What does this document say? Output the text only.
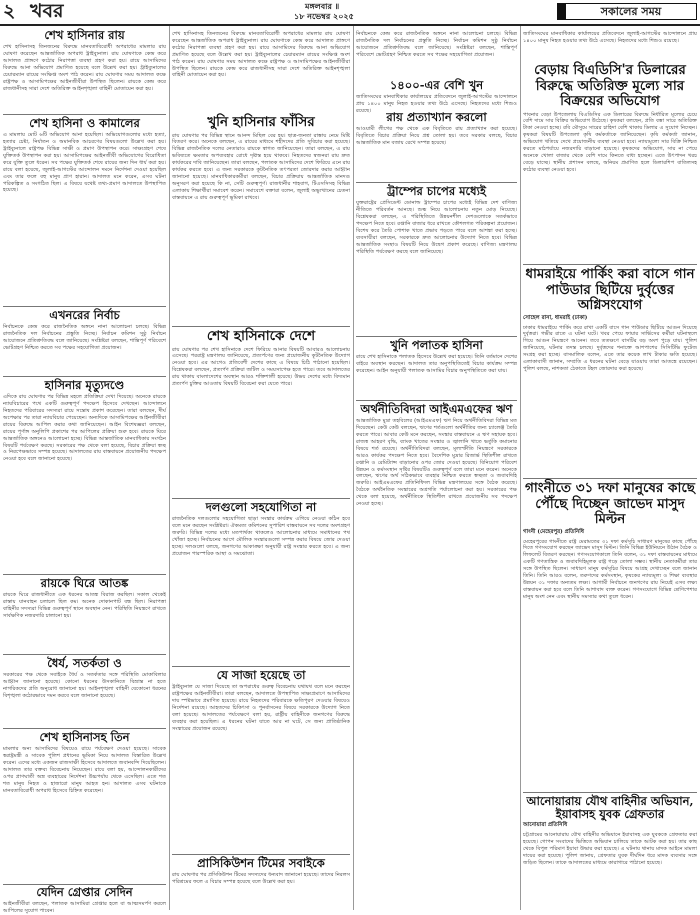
২ খবর	মঙ্গলবার ॥
১৮ নভেম্বর ২০২৫	সকালের সময়
শেখ হাসিনার রায়
শেখ হাসিনাসহ তিনজনের বিরুদ্ধে মানবতাবিরোধী অপরাধের মামলার রায় ঘোষণা করেছেন আন্তর্জাতিক অপরাধ ট্রাইব্যুনাল। রায় ঘোষণাকে কেন্দ্র করে আদালত প্রাঙ্গণে কঠোর নিরাপত্তা ব্যবস্থা গ্রহণ করা হয়। রায়ে আসামিদের বিরুদ্ধে আনা অভিযোগ প্রমাণিত হয়েছে বলে উল্লেখ করা হয়। ট্রাইব্যুনালের চেয়ারম্যান রায়ের সংক্ষিপ্ত অংশ পাঠ করেন। রায় ঘোষণার সময় আদালত কক্ষে রাষ্ট্রপক্ষ ও আসামিপক্ষের আইনজীবীরা উপস্থিত ছিলেন। রায়কে কেন্দ্র করে রাজধানীসহ সারা দেশে অতিরিক্ত আইনশৃঙ্খলা বাহিনী মোতায়েন করা হয়।
শেখ হাসিনা ও কামালের
এ মামলায় মোট ৬টি অভিযোগ আনা হয়েছিল। অভিযোগগুলোর মধ্যে হত্যা, হত্যার চেষ্টা, নির্যাতন ও অমানবিক আচরণের বিষয়গুলো উল্লেখ করা হয়। ট্রাইব্যুনালে রাষ্ট্রপক্ষ বিভিন্ন সাক্ষী ও প্রমাণ উপস্থাপন করে। সাক্ষ্যগ্রহণ শেষে যুক্তিতর্ক উপস্থাপন করা হয়। আসামিপক্ষের আইনজীবী অভিযোগের বিরোধিতা করে যুক্তি তুলে ধরেন। সব পক্ষের যুক্তিতর্ক শেষে রায়ের জন্য দিন ধার্য করা হয়। রায়ে বলা হয়েছে, জুলাই-আগস্টের আন্দোলন দমনে নির্দেশনা দেওয়া হয়েছিল এবং তার ফলে বহু মানুষ প্রাণ হারান। আদালত মনে করেন, এসব ঘটনা পরিকল্পিত ও সংগঠিত ছিল। এ বিষয়ে যথেষ্ট তথ্য-প্রমাণ আদালতে উপস্থাপিত হয়েছে।
এখনরের নির্বাচ
নির্বাচনকে কেন্দ্র করে রাজনৈতিক অঙ্গনে নানা আলোচনা চলছে। বিভিন্ন রাজনৈতিক দল নির্বাচনের প্রস্তুতি নিচ্ছে। নির্বাচন কমিশন সুষ্ঠু নির্বাচন আয়োজনে প্রতিশ্রুতিবদ্ধ বলে জানিয়েছে। সংশ্লিষ্টরা বলছেন, শান্তিপূর্ণ পরিবেশে ভোটগ্রহণ নিশ্চিত করতে সব পক্ষের সহযোগিতা প্রয়োজন।
হাসিনার মৃত্যুদণ্ডে
এদিকে রায় ঘোষণার পর বিভিন্ন মহলে প্রতিক্রিয়া দেখা দিয়েছে। অনেকে রায়কে ন্যায়বিচারের পথে একটি গুরুত্বপূর্ণ পদক্ষেপ হিসেবে দেখছেন। আন্দোলনে নিহতদের পরিবারের সদস্যরা রায়ে সন্তোষ প্রকাশ করেছেন। তারা বলছেন, দীর্ঘ অপেক্ষার পর তারা ন্যায়বিচার পেয়েছেন। অন্যদিকে আসামিপক্ষের আইনজীবীরা রায়ের বিরুদ্ধে আপিল করার কথা জানিয়েছেন। আইন বিশেষজ্ঞরা বলছেন, রায়ের পূর্ণাঙ্গ অনুলিপি প্রকাশের পর আপিলের প্রক্রিয়া শুরু হবে। রায়কে ঘিরে আন্তর্জাতিক অঙ্গনেও আলোচনা হচ্ছে। বিভিন্ন আন্তর্জাতিক মানবাধিকার সংগঠন বিষয়টি পর্যবেক্ষণ করছে। সরকারের পক্ষ থেকে বলা হয়েছে, বিচার প্রক্রিয়া স্বচ্ছ ও নিরপেক্ষভাবে সম্পন্ন হয়েছে। আদালতের রায় বাস্তবায়নে প্রয়োজনীয় পদক্ষেপ নেওয়া হবে বলে জানানো হয়েছে।
রায়কে ঘিরে আতঙ্ক
রায়কে ঘিরে রাজধানীতে এক ধরনের আতঙ্ক বিরাজ করছিল। সকাল থেকেই রাস্তায় যানবাহন চলাচল ছিল কম। অনেক দোকানপাট বন্ধ ছিল। নিরাপত্তা বাহিনীর সদস্যরা বিভিন্ন গুরুত্বপূর্ণ স্থানে অবস্থান নেন। পরিস্থিতি নিয়ন্ত্রণে রাখতে সার্বক্ষণিক নজরদারি চালানো হয়।
ধৈর্য, সতর্কতা ও
সরকারের পক্ষ থেকে সবাইকে ধৈর্য ও সতর্কতার সঙ্গে পরিস্থিতি মোকাবিলার আহ্বান জানানো হয়েছে। কোনো ধরনের উসকানিতে বিভ্রান্ত না হতে নাগরিকদের প্রতি অনুরোধ জানানো হয়। আইনশৃঙ্খলা বাহিনী যেকোনো ধরনের বিশৃঙ্খলা কঠোরভাবে দমন করবে বলে জানানো হয়েছে।
শেখ হাসিনাসহ তিন
মামলার অন্য আসামিদের বিষয়েও রায়ে পর্যবেক্ষণ দেওয়া হয়েছে। সাবেক স্বরাষ্ট্রমন্ত্রী ও সাবেক পুলিশ প্রধানের ভূমিকা নিয়ে আদালত বিস্তারিত উল্লেখ করেন। এদের মধ্যে একজন রাজসাক্ষী হিসেবে আদালতে জবানবন্দি দিয়েছিলেন। আদালত তার বক্তব্য বিবেচনায় নিয়েছেন। রায়ে বলা হয়, আন্দোলনকারীদের ওপর প্রাণঘাতী অস্ত্র ব্যবহারের নির্দেশনা উচ্চপর্যায় থেকে এসেছিল। এতে শত শত মানুষ নিহত ও হাজারো মানুষ আহত হন। আদালত এসব ঘটনাকে মানবতাবিরোধী অপরাধ হিসেবে চিহ্নিত করেছেন।
যেদিন গ্রেপ্তার সেদিন
আইনজীবীরা বলছেন, পলাতক আসামিরা গ্রেপ্তার হলে বা আত্মসমর্পণ করলে আপিলের সুযোগ পাবেন।
শেখ হাসিনাসহ তিনজনের বিরুদ্ধে মানবতাবিরোধী অপরাধের মামলার রায় ঘোষণা করেছেন আন্তর্জাতিক অপরাধ ট্রাইব্যুনাল। রায় ঘোষণাকে কেন্দ্র করে আদালত প্রাঙ্গণে কঠোর নিরাপত্তা ব্যবস্থা গ্রহণ করা হয়। রায়ে আসামিদের বিরুদ্ধে আনা অভিযোগ প্রমাণিত হয়েছে বলে উল্লেখ করা হয়। ট্রাইব্যুনালের চেয়ারম্যান রায়ের সংক্ষিপ্ত অংশ পাঠ করেন। রায় ঘোষণার সময় আদালত কক্ষে রাষ্ট্রপক্ষ ও আসামিপক্ষের আইনজীবীরা উপস্থিত ছিলেন। রায়কে কেন্দ্র করে রাজধানীসহ সারা দেশে অতিরিক্ত আইনশৃঙ্খলা বাহিনী মোতায়েন করা হয়।
খুনি হাসিনার ফাঁসির
রায় ঘোষণার পর বিভিন্ন স্থানে আনন্দ মিছিল বের হয়। ছাত্র-জনতা রাস্তায় নেমে মিষ্টি বিতরণ করে। অনেকে বলছেন, এ রায়ের মাধ্যমে শহীদদের প্রতি সুবিচার করা হয়েছে। বিভিন্ন রাজনৈতিক দলের নেতারাও রায়কে স্বাগত জানিয়েছেন। তারা বলছেন, এ রায় ভবিষ্যতে ক্ষমতার অপব্যবহার রোধে দৃষ্টান্ত হয়ে থাকবে। নিহতদের স্বজনরা রায় দ্রুত কার্যকরের দাবি জানিয়েছেন। তারা বলছেন, পলাতক আসামিদের দেশে ফিরিয়ে এনে রায় কার্যকর করতে হবে। এ জন্য সরকারকে কূটনৈতিক তৎপরতা জোরদার করার আহ্বান জানানো হয়েছে। মানবাধিকারকর্মীরা বলছেন, বিচার প্রক্রিয়ায় আন্তর্জাতিক মানদণ্ড অনুসরণ করা হয়েছে কি না, সেটি গুরুত্বপূর্ণ। রাজধানীর শাহবাগ, টিএসসিসহ বিভিন্ন এলাকায় শিক্ষার্থীরা সমাবেশ করেন। সমাবেশে বক্তারা বলেন, জুলাই অভ্যুত্থানের চেতনা বাস্তবায়নে এ রায় গুরুত্বপূর্ণ ভূমিকা রাখবে।
শেখ হাসিনাকে দেশে
রায় ঘোষণার পর শেখ হাসিনাকে দেশে ফিরিয়ে আনার বিষয়টি আবারও আলোচনায় এসেছে। পররাষ্ট্র মন্ত্রণালয় জানিয়েছে, প্রত্যর্পণের জন্য প্রয়োজনীয় কূটনৈতিক উদ্যোগ নেওয়া হবে। এর আগেও প্রতিবেশী দেশের কাছে এ বিষয়ে চিঠি পাঠানো হয়েছিল। বিশ্লেষকরা বলছেন, প্রত্যর্পণ প্রক্রিয়া জটিল ও সময়সাপেক্ষ হতে পারে। তবে আদালতের রায় থাকায় বাংলাদেশের অবস্থান আরও শক্তিশালী হয়েছে। উভয় দেশের মধ্যে বিদ্যমান প্রত্যর্পণ চুক্তির আওতায় বিষয়টি বিবেচনা করা যেতে পারে।
দলগুলো সহযোগিতা না
রাজনৈতিক দলগুলোর সহযোগিতা ছাড়া সংস্কার কার্যক্রম এগিয়ে নেওয়া কঠিন হবে বলে মনে করছেন সংশ্লিষ্টরা। ঐকমত্য কমিশনের সুপারিশ বাস্তবায়নে সব দলের অংশগ্রহণ জরুরি। বিভিন্ন দলের মধ্যে মতপার্থক্য থাকলেও আলোচনার মাধ্যমে সমাধানের পথ খোঁজা হচ্ছে। নির্বাচনের আগে মৌলিক সংস্কারগুলো সম্পন্ন করার বিষয়ে জোর দেওয়া হচ্ছে। দলগুলো বলছে, জনগণের আকাঙ্ক্ষা অনুযায়ী রাষ্ট্র সংস্কার করতে হবে। এ জন্য প্রয়োজন পারস্পরিক আস্থা ও সমঝোতা।
যে সাজা হয়েছে তা
ট্রাইব্যুনাল যে সাজা দিয়েছে তা অপরাধের গুরুত্ব বিবেচনায় যথাযথ বলে মনে করছেন রাষ্ট্রপক্ষের আইনজীবীরা। তারা বলছেন, আদালতে উপস্থাপিত সাক্ষ্যপ্রমাণে আসামিদের দায় স্পষ্টভাবে প্রমাণিত হয়েছে। রায়ে নিহতদের পরিবারকে ক্ষতিপূরণ দেওয়ার বিষয়েও নির্দেশনা রয়েছে। আহতদের চিকিৎসা ও পুনর্বাসনের বিষয়ে সরকারকে উদ্যোগ নিতে বলা হয়েছে। আদালতের পর্যবেক্ষণে বলা হয়, রাষ্ট্রীয় বাহিনীকে জনগণের বিরুদ্ধে ব্যবহার করা হয়েছিল। এ ধরনের ঘটনা যাতে আর না ঘটে, সে জন্য প্রাতিষ্ঠানিক সংস্কারের প্রয়োজন রয়েছে।
প্রাসিকিউশন টিমের সবাইকে
রায় ঘোষণার পর প্রসিকিউশন টিমের সদস্যদের ধন্যবাদ জানানো হয়েছে। তাদের নিরলস পরিশ্রমের ফলে এ বিচার সম্পন্ন হয়েছে বলে উল্লেখ করা হয়।
নির্বাচনকে কেন্দ্র করে রাজনৈতিক অঙ্গনে নানা আলোচনা চলছে। বিভিন্ন রাজনৈতিক দল নির্বাচনের প্রস্তুতি নিচ্ছে। নির্বাচন কমিশন সুষ্ঠু নির্বাচন আয়োজনে প্রতিশ্রুতিবদ্ধ বলে জানিয়েছে। সংশ্লিষ্টরা বলছেন, শান্তিপূর্ণ পরিবেশে ভোটগ্রহণ নিশ্চিত করতে সব পক্ষের সহযোগিতা প্রয়োজন।
১৪০০-এর বেশি খুন
জাতিসংঘের মানবাধিকার কার্যালয়ের প্রতিবেদনে জুলাই-আগস্টের আন্দোলনে প্রায় ১৪০০ মানুষ নিহত হওয়ার তথ্য উঠে এসেছে। নিহতদের মধ্যে শিশুও রয়েছে।	রায় প্রত্যাখ্যান করলো
আওয়ামী লীগের পক্ষ থেকে এক বিবৃতিতে রায় প্রত্যাখ্যান করা হয়েছে। বিবৃতিতে বিচার প্রক্রিয়া নিয়ে প্রশ্ন তোলা হয়। তবে সরকার বলছে, বিচার আন্তর্জাতিক মান বজায় রেখে সম্পন্ন হয়েছে।
ট্রাম্পের চাপের মধ্যেই
যুক্তরাষ্ট্রের প্রেসিডেন্ট ডোনাল্ড ট্রাম্পের চাপের মধ্যেই বিভিন্ন দেশ বাণিজ্য নীতিতে পরিবর্তন আনছে। শুল্ক নিয়ে আলোচনায় নতুন মোড় নিয়েছে। বিশ্লেষকরা বলছেন, এ পরিস্থিতিতে উন্নয়নশীল দেশগুলোকে সতর্কভাবে পদক্ষেপ নিতে হবে। রপ্তানি বাজার ধরে রাখতে কৌশলগত পরিকল্পনা প্রয়োজন। বিশেষ করে তৈরি পোশাক খাতে প্রভাব পড়তে পারে বলে আশঙ্কা করা হচ্ছে। ব্যবসায়ীরা বলছেন, সরকারকে দ্রুত আলোচনার উদ্যোগ নিতে হবে। বিভিন্ন আন্তর্জাতিক সংস্থাও বিষয়টি নিয়ে উদ্বেগ প্রকাশ করেছে। বাণিজ্য মন্ত্রণালয় পরিস্থিতি পর্যবেক্ষণ করছে বলে জানিয়েছে।
খুনি পলাতক হাসিনা
রায়ে শেখ হাসিনাকে পলাতক হিসেবে উল্লেখ করা হয়েছে। তিনি বর্তমানে দেশের বাইরে অবস্থান করছেন। আদালত তার অনুপস্থিতিতেই বিচার কার্যক্রম সম্পন্ন করেছেন। আইন অনুযায়ী পলাতক আসামির বিচার অনুপস্থিতিতে করা যায়।
অর্থনীতিবিদরা আইএমএফের ঋণ
আন্তর্জাতিক মুদ্রা তহবিলের (আইএমএফ) ঋণ নিয়ে অর্থনীতিবিদরা বিভিন্ন মত দিয়েছেন। কেউ কেউ বলছেন, ঋণের শর্তগুলো অর্থনীতির জন্য চ্যালেঞ্জ তৈরি করতে পারে। আবার কেউ মনে করছেন, সংস্কার বাস্তবায়নে এ ঋণ সহায়ক হবে। রাজস্ব আহরণ বৃদ্ধি, ব্যাংক খাতের সংস্কার ও জ্বালানি খাতে ভর্তুকি কমানোর বিষয়ে শর্ত রয়েছে। অর্থনীতিবিদরা বলছেন, মূল্যস্ফীতি নিয়ন্ত্রণে সরকারকে আরও কার্যকর পদক্ষেপ নিতে হবে। বৈদেশিক মুদ্রার রিজার্ভ স্থিতিশীল রাখতে রপ্তানি ও রেমিট্যান্স বাড়ানোর ওপর জোর দেওয়া হয়েছে। বিনিয়োগ পরিবেশ উন্নয়ন ও কর্মসংস্থান সৃষ্টির বিষয়টিও গুরুত্বপূর্ণ বলে তারা মনে করেন। অনেকে বলছেন, ঋণের অর্থ সঠিকভাবে ব্যবহার নিশ্চিত করতে স্বচ্ছতা ও জবাবদিহি জরুরি। আইএমএফের প্রতিনিধিদল বিভিন্ন মন্ত্রণালয়ের সঙ্গে বৈঠক করেছে। বৈঠকে অর্থনৈতিক সংস্কারের অগ্রগতি পর্যালোচনা করা হয়। সরকারের পক্ষ থেকে বলা হয়েছে, অর্থনীতিকে স্থিতিশীল রাখতে প্রয়োজনীয় সব পদক্ষেপ নেওয়া হচ্ছে।
জাতিসংঘের মানবাধিকার কার্যালয়ের প্রতিবেদনে জুলাই-আগস্টের আন্দোলনে প্রায় ১৪০০ মানুষ নিহত হওয়ার তথ্য উঠে এসেছে। নিহতদের মধ্যে শিশুও রয়েছে।
বেড়ায় বিএডিসি'র ডিলারের বিরুদ্ধে অতিরিক্ত মূল্যে সার বিক্রয়ের অভিযোগ
পাবনার বেড়া উপজেলায় বিএডিসির এক ডিলারের বিরুদ্ধে নির্ধারিত মূল্যের চেয়ে বেশি দামে সার বিক্রির অভিযোগ উঠেছে। কৃষকরা বলছেন, প্রতি বস্তা সারে অতিরিক্ত টাকা নেওয়া হচ্ছে। রবি মৌসুমে সারের চাহিদা বেশি থাকায় ডিলার এ সুযোগ নিচ্ছেন। কৃষকরা বিষয়টি উপজেলা কৃষি কর্মকর্তাকে জানিয়েছেন। কৃষি কর্মকর্তা জানান, অভিযোগ খতিয়ে দেখে প্রয়োজনীয় ব্যবস্থা নেওয়া হবে। ন্যায্যমূল্যে সার বিক্রি নিশ্চিত করতে মাঠপর্যায়ে নজরদারি বাড়ানো হয়েছে। কৃষকদের অভিযোগ, সার না পেয়ে অনেকে খোলা বাজার থেকে বেশি দামে কিনতে বাধ্য হচ্ছেন। এতে উৎপাদন খরচ বেড়ে যাচ্ছে। স্থানীয় প্রশাসন বলছে, অনিয়ম প্রমাণিত হলে ডিলারশিপ বাতিলসহ কঠোর ব্যবস্থা নেওয়া হবে।
ধামরাইয়ে পার্কিং করা বাসে গান পাউডার ছিটিয়ে দুর্বৃত্তের অগ্নিসংযোগ
সোহেল রানা, ধামরাই (ঢাকা)
ঢাকার ধামরাইয়ে পার্কিং করে রাখা একটি বাসে গান পাউডার ছিটিয়ে আগুন দিয়েছে দুর্বৃত্তরা। গভীর রাতে এ ঘটনা ঘটে। খবর পেয়ে ফায়ার সার্ভিসের কর্মীরা ঘটনাস্থলে গিয়ে আগুন নিয়ন্ত্রণে আনেন। তবে ততক্ষণে বাসটির বড় অংশ পুড়ে যায়। পুলিশ জানিয়েছে, ঘটনার তদন্ত চলছে। দুর্বৃত্তদের শনাক্তে আশপাশের সিসিটিভি ফুটেজ সংগ্রহ করা হচ্ছে। বাসমালিক বলেন, এতে তার কয়েক লাখ টাকার ক্ষতি হয়েছে। এলাকাবাসী জানান, সম্প্রতি এ ধরনের ঘটনা বেড়ে যাওয়ায় তারা আতঙ্কে রয়েছেন। পুলিশ বলছে, নাশকতা ঠেকাতে টহল জোরদার করা হয়েছে।
গাংনীতে ৩১ দফা মানুষের কাছে পৌঁছে দিচ্ছেন জাভেদ মাসুদ মিল্টন
গাংনী (মেহেরপুর) প্রতিনিধি
মেহেরপুরের গাংনীতে রাষ্ট্র মেরামতের ৩১ দফা কর্মসূচি সাধারণ মানুষের কাছে পৌঁছে দিতে গণসংযোগ করছেন জাভেদ মাসুদ মিল্টন। তিনি বিভিন্ন ইউনিয়নে উঠান বৈঠক ও লিফলেট বিতরণ করছেন। গণসংযোগকালে তিনি বলেন, ৩১ দফা বাস্তবায়নের মাধ্যমে একটি গণতান্ত্রিক ও জবাবদিহিমূলক রাষ্ট্র গড়ে তোলা সম্ভব। স্থানীয় নেতাকর্মীরা তার সঙ্গে উপস্থিত ছিলেন। সাধারণ মানুষ কর্মসূচির বিষয়ে আগ্রহ দেখাচ্ছেন বলে জানান তিনি। তিনি আরও বলেন, তরুণদের কর্মসংস্থান, কৃষকের ন্যায্যমূল্য ও শিক্ষা ব্যবস্থার উন্নয়ন ৩১ দফার অন্যতম লক্ষ্য। আগামী নির্বাচনে জনগণের রায় নিয়েই এসব লক্ষ্য বাস্তবায়ন করা হবে বলে তিনি আশাবাদ ব্যক্ত করেন। গণসংযোগে বিভিন্ন শ্রেণিপেশার মানুষ অংশ নেন এবং স্থানীয় সমস্যার কথা তুলে ধরেন।
আনোয়ারায় যৌথ বাহিনীর অভিযান, ইয়াবাসহ যুবক গ্রেফতার
আনোয়ারা প্রতিনিধি
চট্টগ্রামের আনোয়ারায় যৌথ বাহিনীর অভিযানে ইয়াবাসহ এক যুবককে গ্রেফতার করা হয়েছে। গোপন সংবাদের ভিত্তিতে অভিযান চালিয়ে তাকে আটক করা হয়। তার কাছ থেকে বিপুল পরিমাণ ইয়াবা উদ্ধার করা হয়েছে। এ ঘটনায় থানায় মাদক আইনে মামলা দায়ের করা হয়েছে। পুলিশ জানায়, গ্রেফতার যুবক দীর্ঘদিন ধরে মাদক ব্যবসার সঙ্গে জড়িত ছিলেন। তাকে আদালতের মাধ্যমে কারাগারে পাঠানো হয়েছে।
